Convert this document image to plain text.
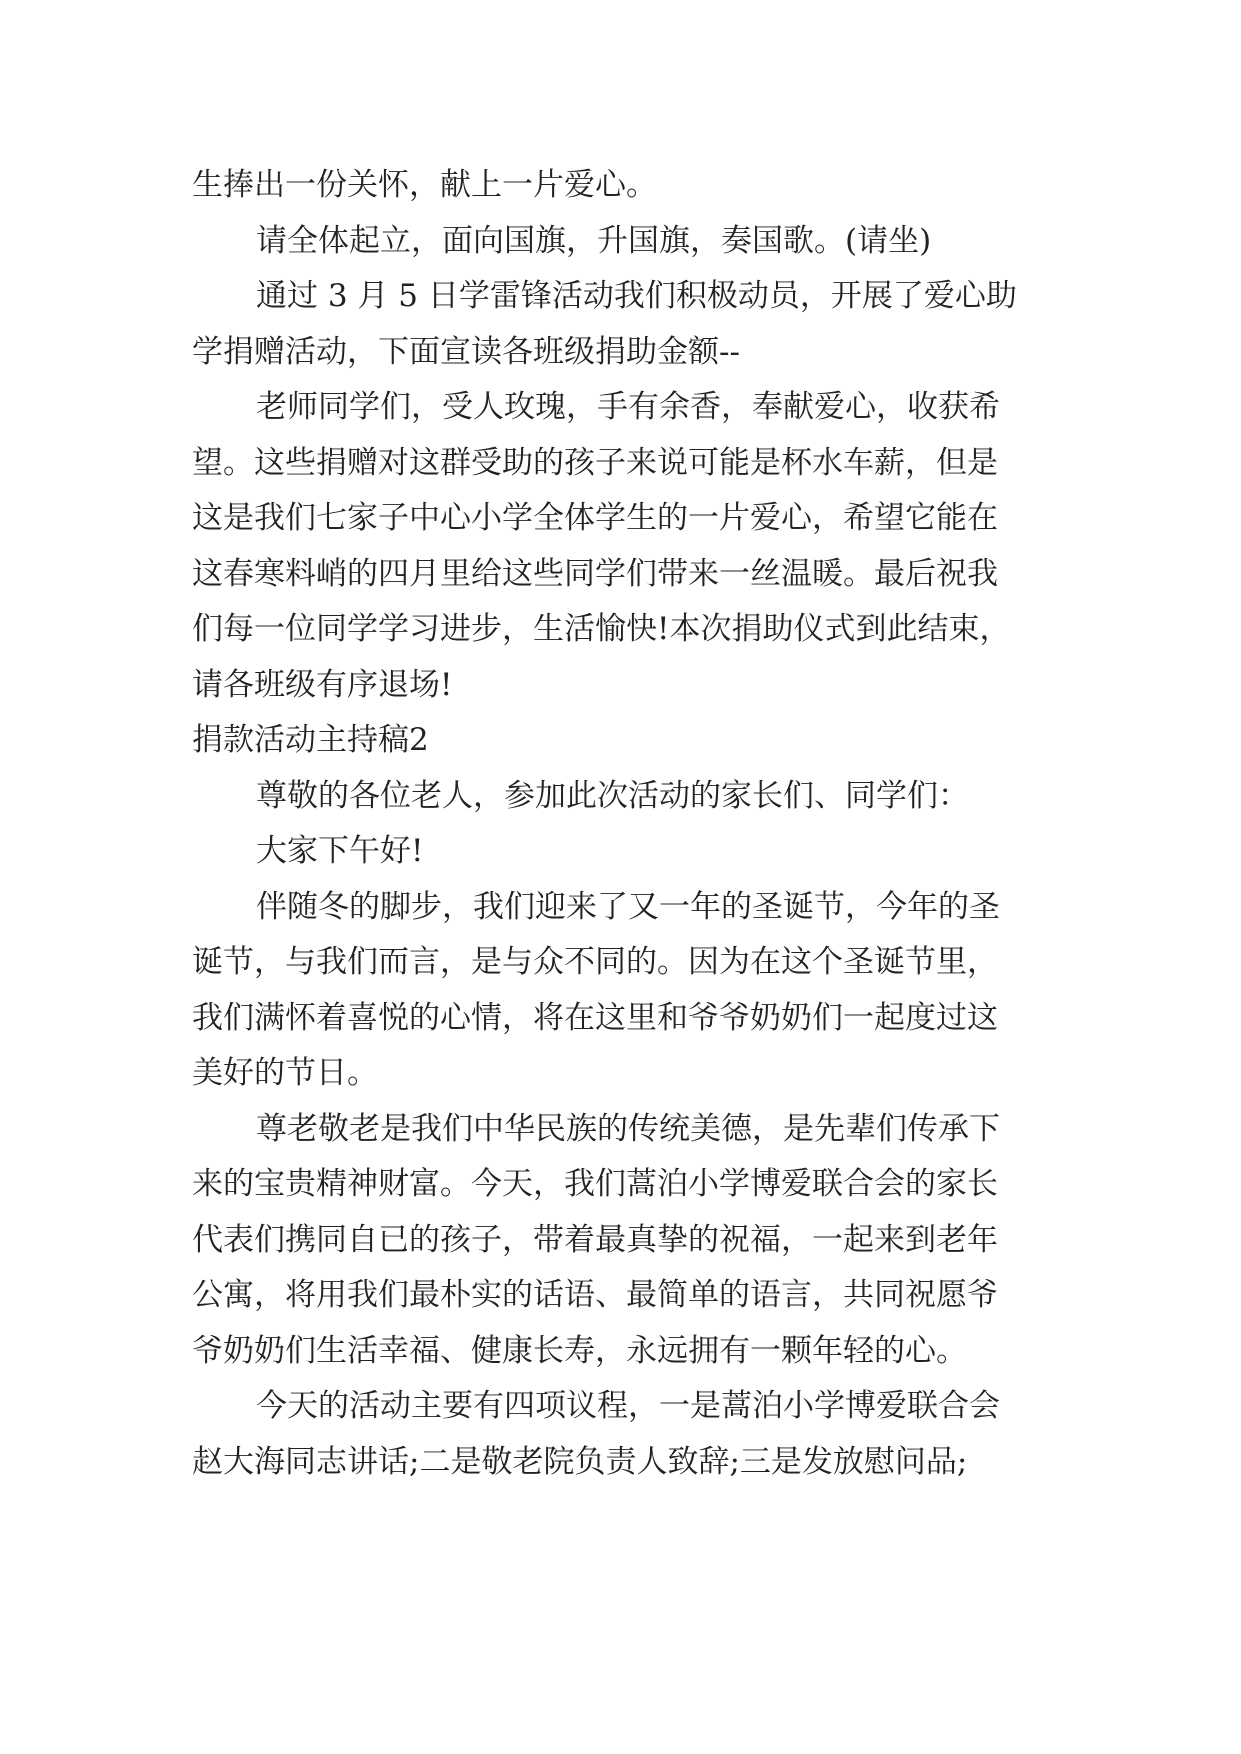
生捧出一份关怀，献上一片爱心。
请全体起立，面向国旗，升国旗，奏国歌。(请坐)
通过 3 月 5 日学雷锋活动我们积极动员，开展了爱心助
学捐赠活动，下面宣读各班级捐助金额--
老师同学们，受人玫瑰，手有余香，奉献爱心，收获希
望。这些捐赠对这群受助的孩子来说可能是杯水车薪，但是
这是我们七家子中心小学全体学生的一片爱心，希望它能在
这春寒料峭的四月里给这些同学们带来一丝温暖。最后祝我
们每一位同学学习进步，生活愉快!本次捐助仪式到此结束，
请各班级有序退场!
捐款活动主持稿2
尊敬的各位老人，参加此次活动的家长们、同学们：
大家下午好!
伴随冬的脚步，我们迎来了又一年的圣诞节，今年的圣
诞节，与我们而言，是与众不同的。因为在这个圣诞节里，
我们满怀着喜悦的心情，将在这里和爷爷奶奶们一起度过这
美好的节日。
尊老敬老是我们中华民族的传统美德，是先辈们传承下
来的宝贵精神财富。今天，我们蒿泊小学博爱联合会的家长
代表们携同自已的孩子，带着最真挚的祝福，一起来到老年
公寓，将用我们最朴实的话语、最简单的语言，共同祝愿爷
爷奶奶们生活幸福、健康长寿，永远拥有一颗年轻的心。
今天的活动主要有四项议程，一是蒿泊小学博爱联合会
赵大海同志讲话;二是敬老院负责人致辞;三是发放慰问品;
